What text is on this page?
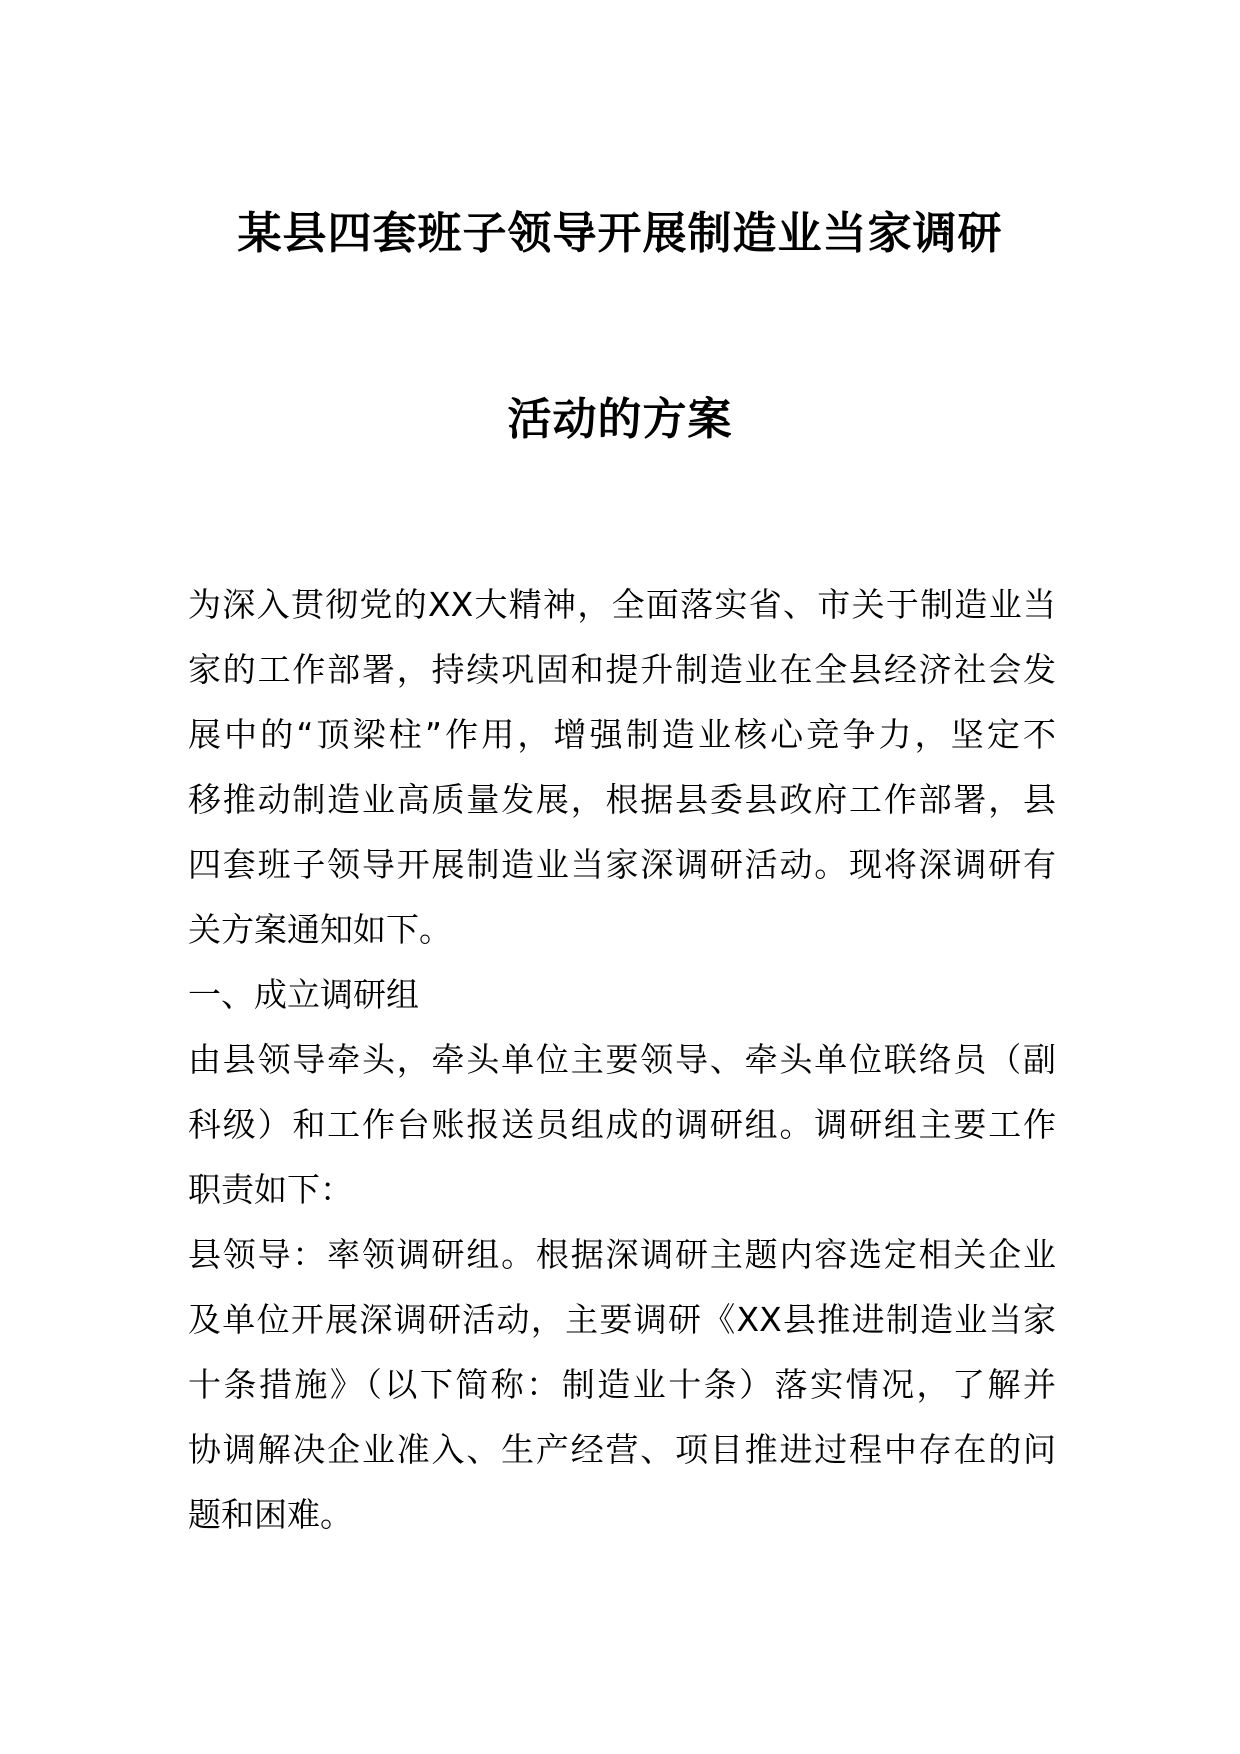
某县四套班子领导开展制造业当家调研
活动的方案
为深入贯彻党的XX大精神，全面落实省、市关于制造业当
家的工作部署，持续巩固和提升制造业在全县经济社会发
展中的“顶梁柱”作用，增强制造业核心竞争力，坚定不
移推动制造业高质量发展，根据县委县政府工作部署，县
四套班子领导开展制造业当家深调研活动。现将深调研有
关方案通知如下。
一、成立调研组
由县领导牵头，牵头单位主要领导、牵头单位联络员（副
科级）和工作台账报送员组成的调研组。调研组主要工作
职责如下：
县领导：率领调研组。根据深调研主题内容选定相关企业
及单位开展深调研活动，主要调研《XX县推进制造业当家
十条措施》（以下简称：制造业十条）落实情况，了解并
协调解决企业准入、生产经营、项目推进过程中存在的问
题和困难。
